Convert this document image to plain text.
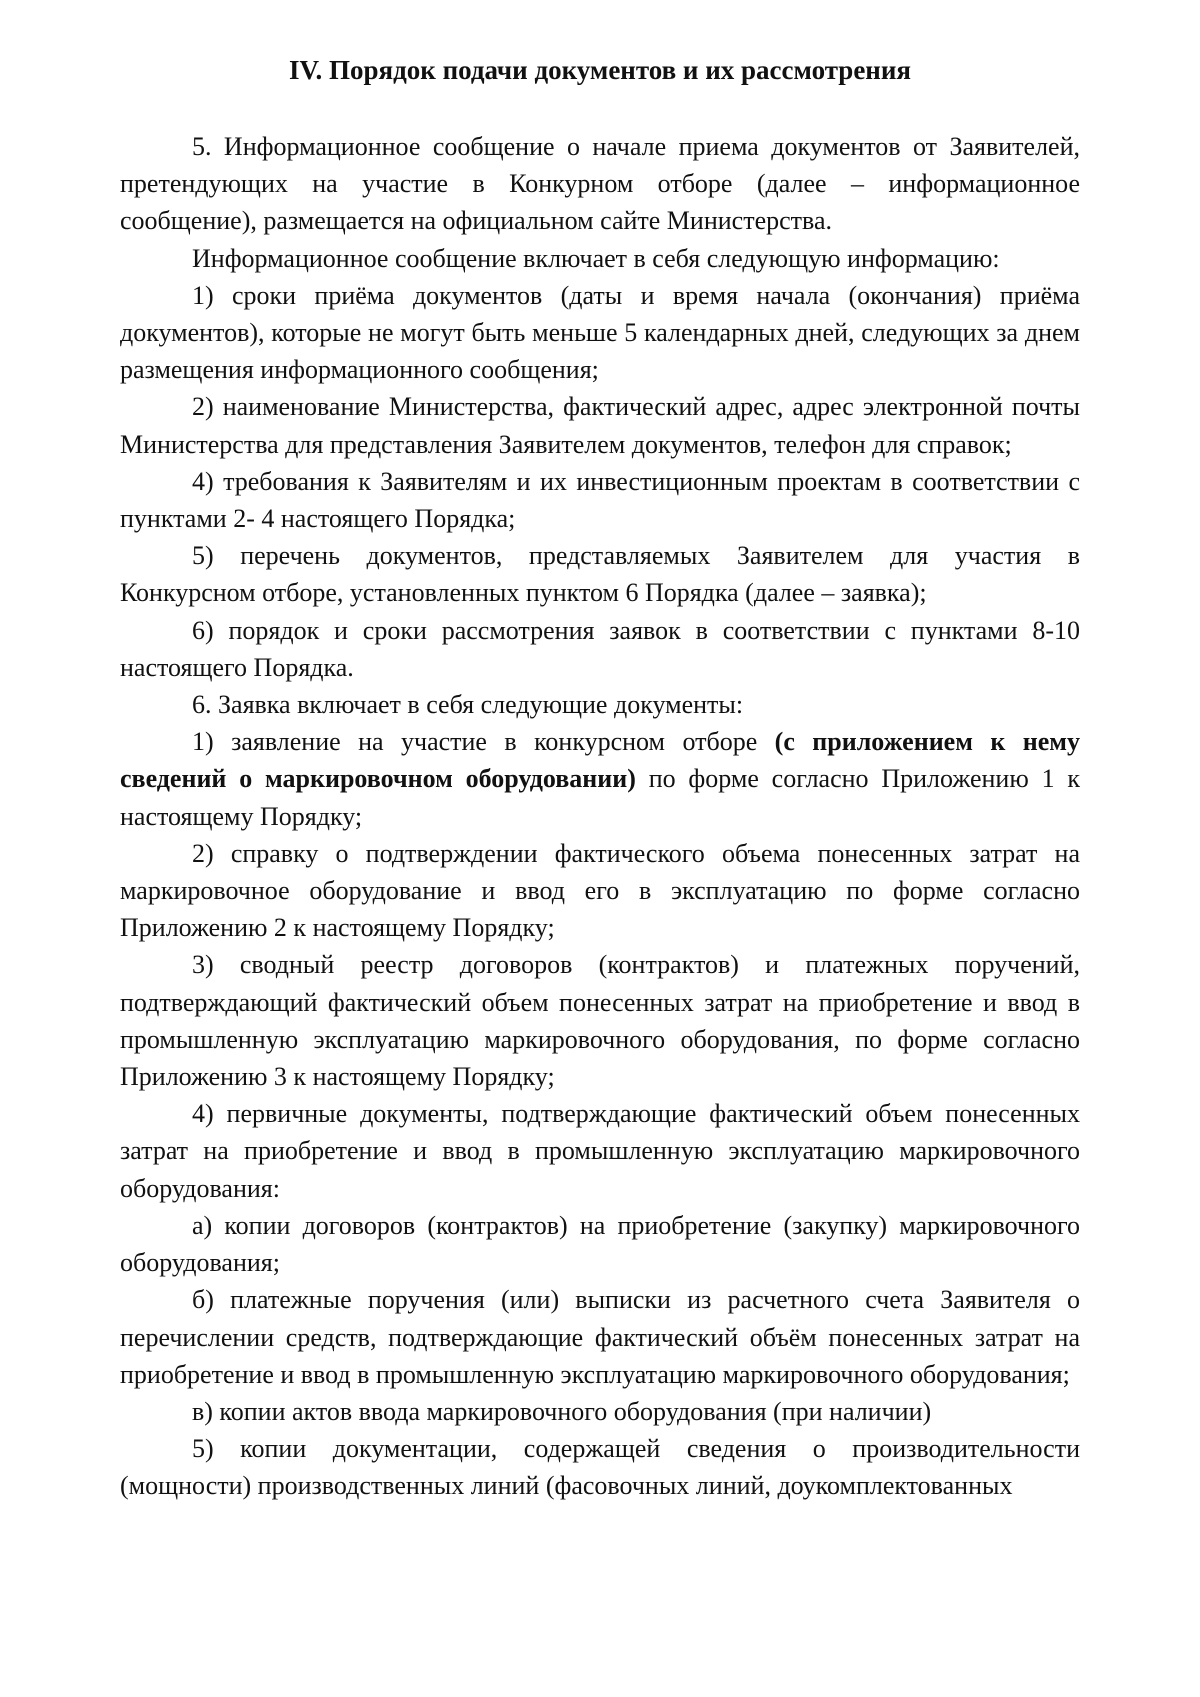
IV. Порядок подачи документов и их рассмотрения

5. Информационное сообщение о начале приема документов от Заявителей, претендующих на участие в Конкурном отборе (далее – информационное сообщение), размещается на официальном сайте Министерства.

Информационное сообщение включает в себя следующую информацию:

1) сроки приёма документов (даты и время начала (окончания) приёма документов), которые не могут быть меньше 5 календарных дней, следующих за днем размещения информационного сообщения;

2) наименование Министерства, фактический адрес, адрес электронной почты Министерства для представления Заявителем документов, телефон для справок;

4) требования к Заявителям и их инвестиционным проектам в соответствии с пунктами 2- 4 настоящего Порядка;

5) перечень документов, представляемых Заявителем для участия в Конкурсном отборе, установленных пунктом 6 Порядка (далее – заявка);

6) порядок и сроки рассмотрения заявок в соответствии с пунктами 8-10 настоящего Порядка.

6. Заявка включает в себя следующие документы:

1) заявление на участие в конкурсном отборе (с приложением к нему сведений о маркировочном оборудовании) по форме согласно Приложению 1 к настоящему Порядку;

2) справку о подтверждении фактического объема понесенных затрат на маркировочное оборудование и ввод его в эксплуатацию по форме согласно Приложению 2 к настоящему Порядку;

3) сводный реестр договоров (контрактов) и платежных поручений, подтверждающий фактический объем понесенных затрат на приобретение и ввод в промышленную эксплуатацию маркировочного оборудования, по форме согласно Приложению 3 к настоящему Порядку;

4) первичные документы, подтверждающие фактический объем понесенных затрат на приобретение и ввод в промышленную эксплуатацию маркировочного оборудования:

а) копии договоров (контрактов) на приобретение (закупку) маркировочного оборудования;

б) платежные поручения (или) выписки из расчетного счета Заявителя о перечислении средств, подтверждающие фактический объём понесенных затрат на приобретение и ввод в промышленную эксплуатацию маркировочного оборудования;

в) копии актов ввода маркировочного оборудования (при наличии)

5) копии документации, содержащей сведения о производительности (мощности) производственных линий (фасовочных линий, доукомплектованных
